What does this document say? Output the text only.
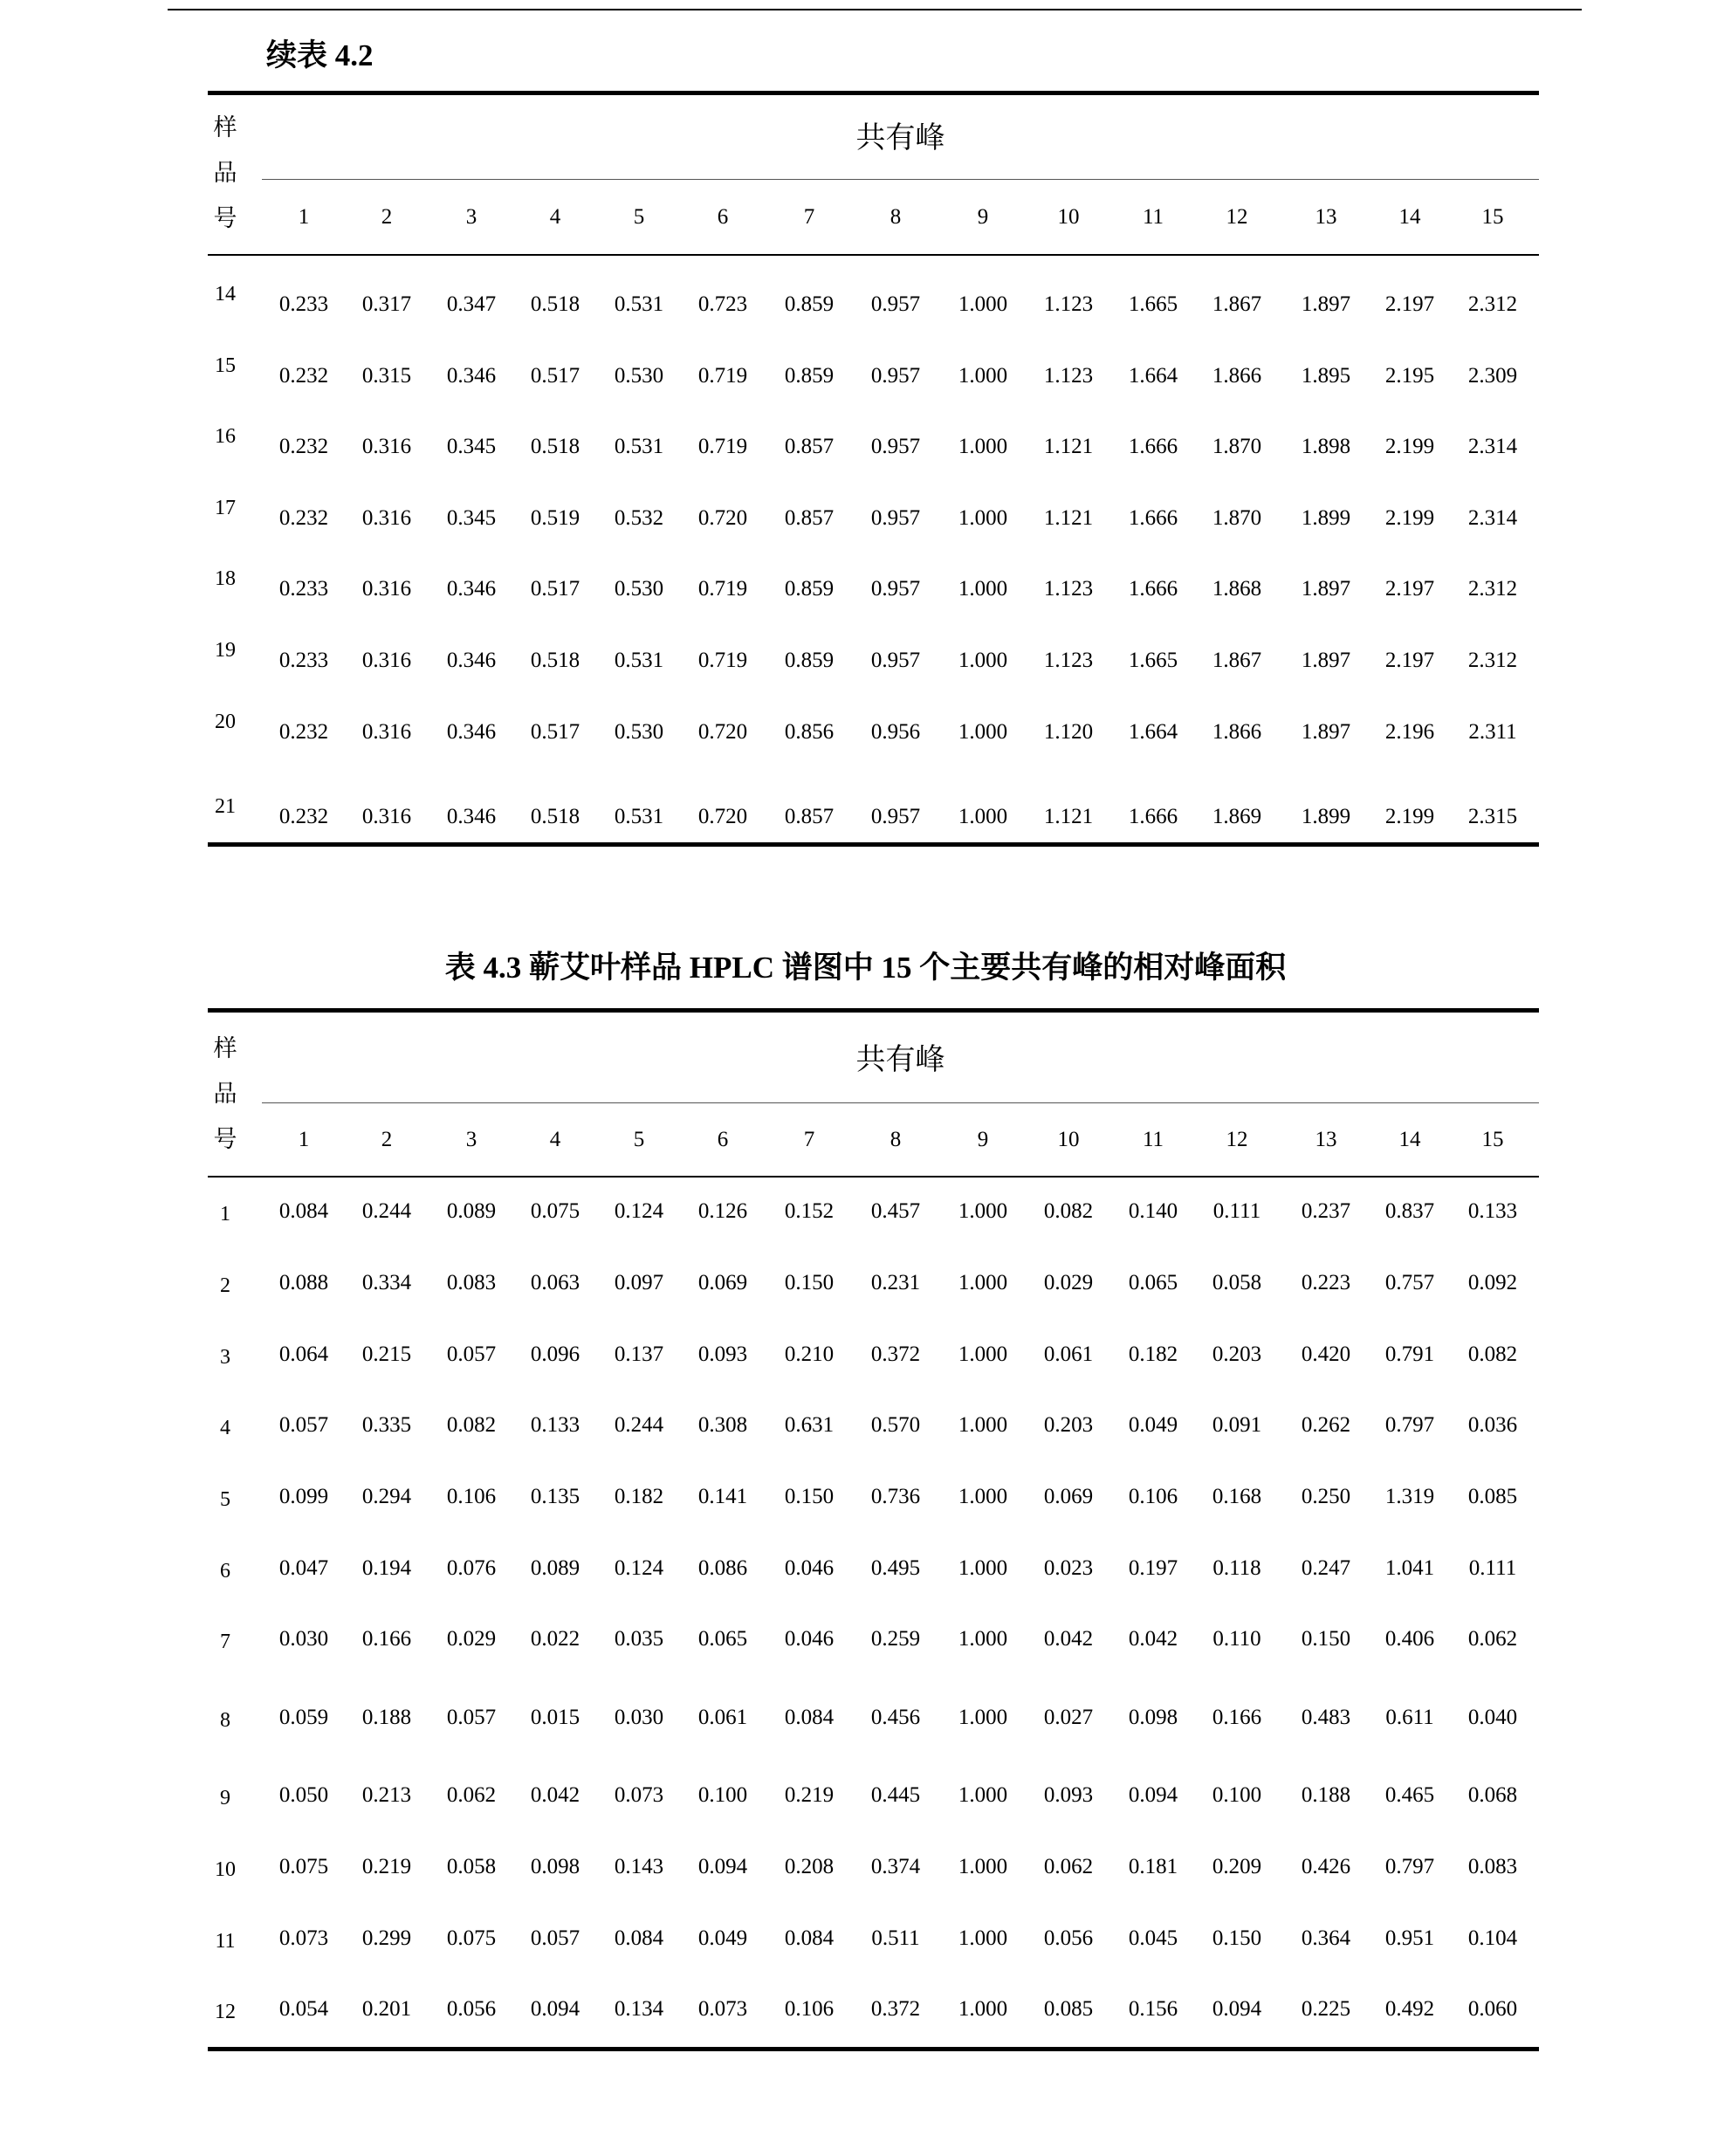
续表 4.2
样
品
号
共有峰
1	2	3	4	5	6	7	8	9	10	11	12	13	14	15
14	0.233	0.317	0.347	0.518	0.531	0.723	0.859	0.957	1.000	1.123	1.665	1.867	1.897	2.197	2.312
15	0.232	0.315	0.346	0.517	0.530	0.719	0.859	0.957	1.000	1.123	1.664	1.866	1.895	2.195	2.309
16	0.232	0.316	0.345	0.518	0.531	0.719	0.857	0.957	1.000	1.121	1.666	1.870	1.898	2.199	2.314
17	0.232	0.316	0.345	0.519	0.532	0.720	0.857	0.957	1.000	1.121	1.666	1.870	1.899	2.199	2.314
18	0.233	0.316	0.346	0.517	0.530	0.719	0.859	0.957	1.000	1.123	1.666	1.868	1.897	2.197	2.312
19	0.233	0.316	0.346	0.518	0.531	0.719	0.859	0.957	1.000	1.123	1.665	1.867	1.897	2.197	2.312
20	0.232	0.316	0.346	0.517	0.530	0.720	0.856	0.956	1.000	1.120	1.664	1.866	1.897	2.196	2.311
21	0.232	0.316	0.346	0.518	0.531	0.720	0.857	0.957	1.000	1.121	1.666	1.869	1.899	2.199	2.315
表 4.3 蕲艾叶样品 HPLC 谱图中 15 个主要共有峰的相对峰面积
样
品
号
共有峰
1	2	3	4	5	6	7	8	9	10	11	12	13	14	15
1	0.084	0.244	0.089	0.075	0.124	0.126	0.152	0.457	1.000	0.082	0.140	0.111	0.237	0.837	0.133
2	0.088	0.334	0.083	0.063	0.097	0.069	0.150	0.231	1.000	0.029	0.065	0.058	0.223	0.757	0.092
3	0.064	0.215	0.057	0.096	0.137	0.093	0.210	0.372	1.000	0.061	0.182	0.203	0.420	0.791	0.082
4	0.057	0.335	0.082	0.133	0.244	0.308	0.631	0.570	1.000	0.203	0.049	0.091	0.262	0.797	0.036
5	0.099	0.294	0.106	0.135	0.182	0.141	0.150	0.736	1.000	0.069	0.106	0.168	0.250	1.319	0.085
6	0.047	0.194	0.076	0.089	0.124	0.086	0.046	0.495	1.000	0.023	0.197	0.118	0.247	1.041	0.111
7	0.030	0.166	0.029	0.022	0.035	0.065	0.046	0.259	1.000	0.042	0.042	0.110	0.150	0.406	0.062
8	0.059	0.188	0.057	0.015	0.030	0.061	0.084	0.456	1.000	0.027	0.098	0.166	0.483	0.611	0.040
9	0.050	0.213	0.062	0.042	0.073	0.100	0.219	0.445	1.000	0.093	0.094	0.100	0.188	0.465	0.068
10	0.075	0.219	0.058	0.098	0.143	0.094	0.208	0.374	1.000	0.062	0.181	0.209	0.426	0.797	0.083
11	0.073	0.299	0.075	0.057	0.084	0.049	0.084	0.511	1.000	0.056	0.045	0.150	0.364	0.951	0.104
12	0.054	0.201	0.056	0.094	0.134	0.073	0.106	0.372	1.000	0.085	0.156	0.094	0.225	0.492	0.060
